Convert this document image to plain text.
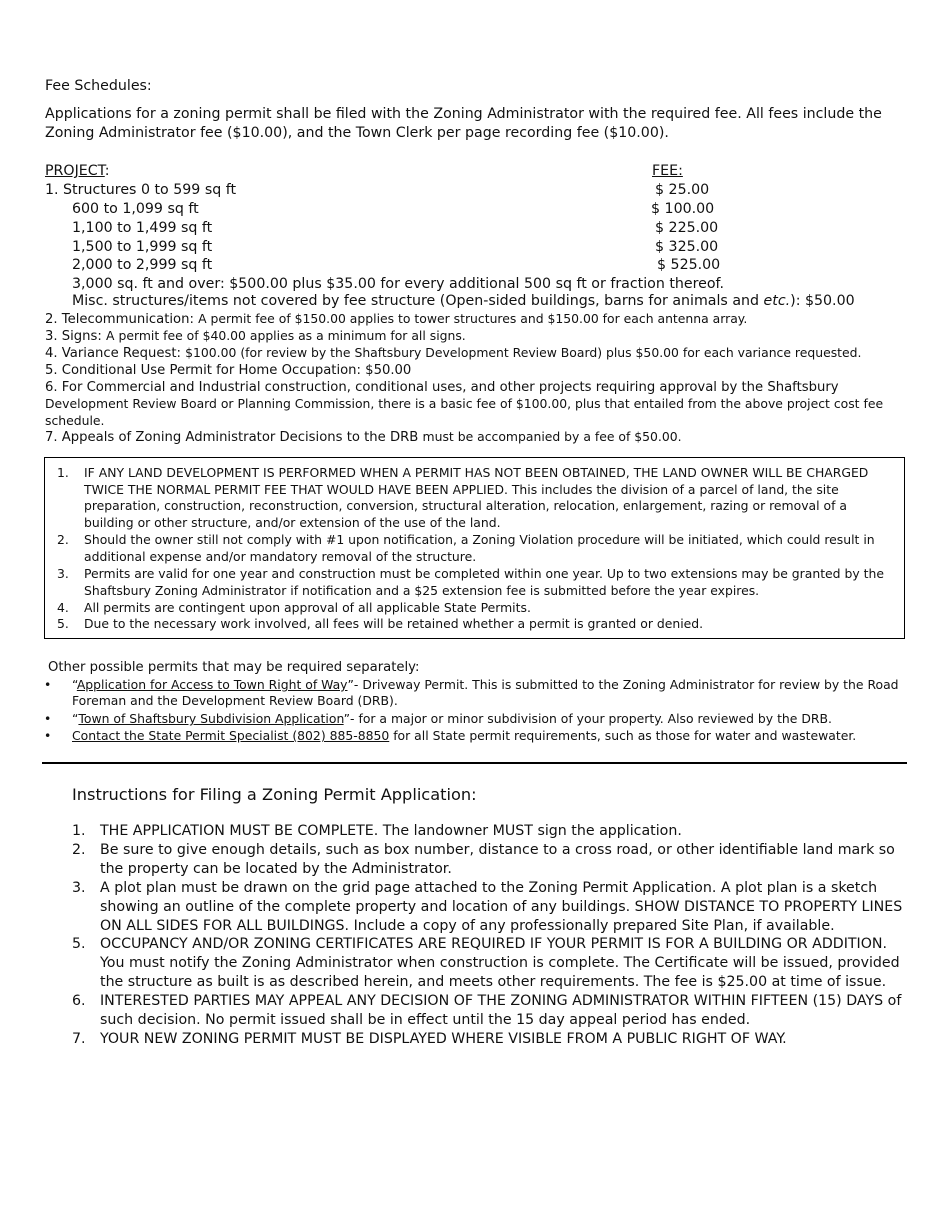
Fee Schedules:
Applications for a zoning permit shall be filed with the Zoning Administrator with the required fee. All fees include the Zoning Administrator fee ($10.00), and the Town Clerk per page recording fee ($10.00).
PROJECT:	FEE:
1. Structures 0 to 599 sq ft	$ 25.00
600 to 1,099 sq ft	$ 100.00
1,100 to 1,499 sq ft	$ 225.00
1,500 to 1,999 sq ft	$ 325.00
2,000 to 2,999 sq ft	$ 525.00
3,000 sq. ft and over: $500.00 plus $35.00 for every additional 500 sq ft or fraction thereof.
Misc. structures/items not covered by fee structure (Open-sided buildings, barns for animals and etc.): $50.00
2. Telecommunication: A permit fee of $150.00 applies to tower structures and $150.00 for each antenna array.
3. Signs: A permit fee of $40.00 applies as a minimum for all signs.
4. Variance Request: $100.00 (for review by the Shaftsbury Development Review Board) plus $50.00 for each variance requested.
5. Conditional Use Permit for Home Occupation: $50.00
6. For Commercial and Industrial construction, conditional uses, and other projects requiring approval by the Shaftsbury
Development Review Board or Planning Commission, there is a basic fee of $100.00, plus that entailed from the above project cost fee
schedule.
7. Appeals of Zoning Administrator Decisions to the DRB must be accompanied by a fee of $50.00.
1. IF ANY LAND DEVELOPMENT IS PERFORMED WHEN A PERMIT HAS NOT BEEN OBTAINED, THE LAND OWNER WILL BE CHARGED TWICE THE NORMAL PERMIT FEE THAT WOULD HAVE BEEN APPLIED. This includes the division of a parcel of land, the site preparation, construction, reconstruction, conversion, structural alteration, relocation, enlargement, razing or removal of a building or other structure, and/or extension of the use of the land.
2. Should the owner still not comply with #1 upon notification, a Zoning Violation procedure will be initiated, which could result in additional expense and/or mandatory removal of the structure.
3. Permits are valid for one year and construction must be completed within one year. Up to two extensions may be granted by the Shaftsbury Zoning Administrator if notification and a $25 extension fee is submitted before the year expires.
4. All permits are contingent upon approval of all applicable State Permits.
5. Due to the necessary work involved, all fees will be retained whether a permit is granted or denied.
Other possible permits that may be required separately:
• “Application for Access to Town Right of Way”- Driveway Permit. This is submitted to the Zoning Administrator for review by the Road
Foreman and the Development Review Board (DRB).
• “Town of Shaftsbury Subdivision Application”- for a major or minor subdivision of your property. Also reviewed by the DRB.
• Contact the State Permit Specialist (802) 885-8850 for all State permit requirements, such as those for water and wastewater.
Instructions for Filing a Zoning Permit Application:
1. THE APPLICATION MUST BE COMPLETE. The landowner MUST sign the application.
2. Be sure to give enough details, such as box number, distance to a cross road, or other identifiable land mark so the property can be located by the Administrator.
3. A plot plan must be drawn on the grid page attached to the Zoning Permit Application. A plot plan is a sketch showing an outline of the complete property and location of any buildings. SHOW DISTANCE TO PROPERTY LINES ON ALL SIDES FOR ALL BUILDINGS. Include a copy of any professionally prepared Site Plan, if available.
5. OCCUPANCY AND/OR ZONING CERTIFICATES ARE REQUIRED IF YOUR PERMIT IS FOR A BUILDING OR ADDITION. You must notify the Zoning Administrator when construction is complete. The Certificate will be issued, provided the structure as built is as described herein, and meets other requirements. The fee is $25.00 at time of issue.
6. INTERESTED PARTIES MAY APPEAL ANY DECISION OF THE ZONING ADMINISTRATOR WITHIN FIFTEEN (15) DAYS of such decision. No permit issued shall be in effect until the 15 day appeal period has ended.
7. YOUR NEW ZONING PERMIT MUST BE DISPLAYED WHERE VISIBLE FROM A PUBLIC RIGHT OF WAY.
